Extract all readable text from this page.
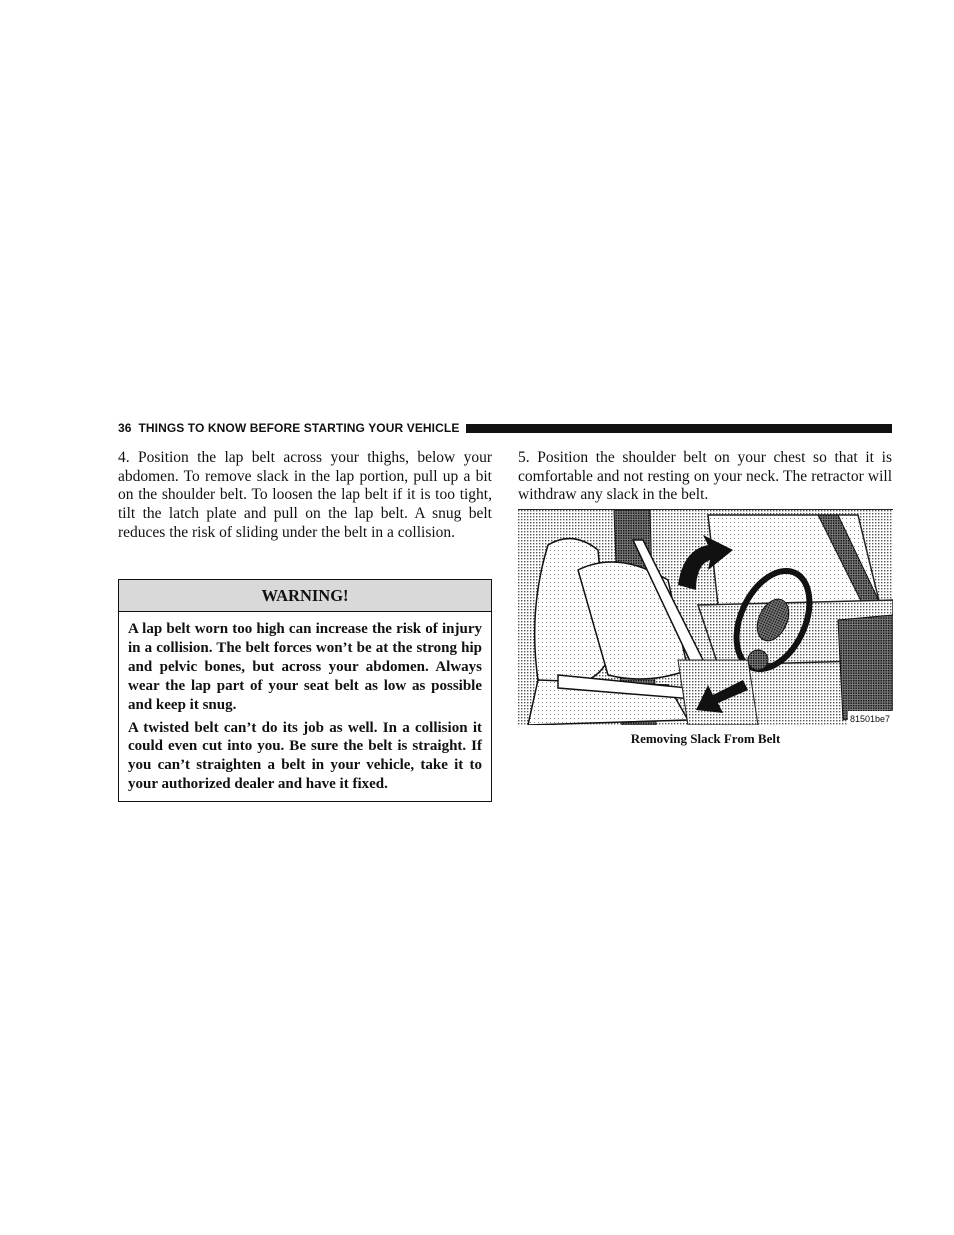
36 THINGS TO KNOW BEFORE STARTING YOUR VEHICLE

4. Position the lap belt across your thighs, below your abdomen. To remove slack in the lap portion, pull up a bit on the shoulder belt. To loosen the lap belt if it is too tight, tilt the latch plate and pull on the lap belt. A snug belt reduces the risk of sliding under the belt in a collision.

WARNING!

A lap belt worn too high can increase the risk of injury in a collision. The belt forces won’t be at the strong hip and pelvic bones, but across your abdomen. Always wear the lap part of your seat belt as low as possible and keep it snug.

A twisted belt can’t do its job as well. In a collision it could even cut into you. Be sure the belt is straight. If you can’t straighten a belt in your vehicle, take it to your authorized dealer and have it fixed.

5. Position the shoulder belt on your chest so that it is comfortable and not resting on your neck. The retractor will withdraw any slack in the belt.

81501be7
Removing Slack From Belt
